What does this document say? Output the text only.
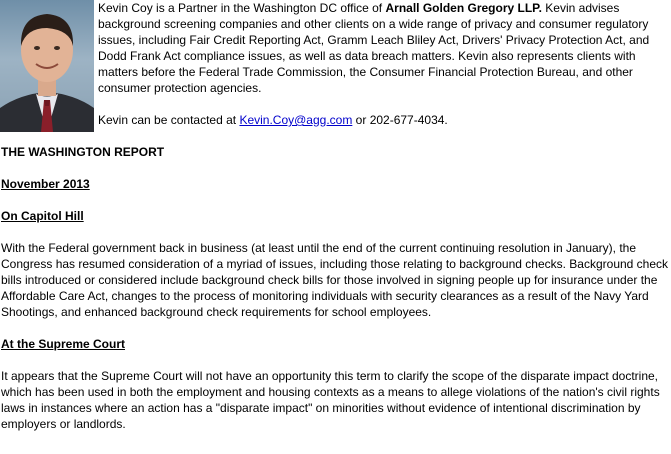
Kevin Coy is a Partner in the Washington DC office of Arnall Golden Gregory LLP. Kevin advises background screening companies and other clients on a wide range of privacy and consumer regulatory issues, including Fair Credit Reporting Act, Gramm Leach Bliley Act, Drivers' Privacy Protection Act, and Dodd Frank Act compliance issues, as well as data breach matters. Kevin also represents clients with matters before the Federal Trade Commission, the Consumer Financial Protection Bureau, and other consumer protection agencies.

Kevin can be contacted at Kevin.Coy@agg.com or 202-677-4034.

THE WASHINGTON REPORT
November 2013
On Capitol Hill
With the Federal government back in business (at least until the end of the current continuing resolution in January), the Congress has resumed consideration of a myriad of issues, including those relating to background checks. Background check bills introduced or considered include background check bills for those involved in signing people up for insurance under the Affordable Care Act, changes to the process of monitoring individuals with security clearances as a result of the Navy Yard Shootings, and enhanced background check requirements for school employees.
At the Supreme Court
It appears that the Supreme Court will not have an opportunity this term to clarify the scope of the disparate impact doctrine, which has been used in both the employment and housing contexts as a means to allege violations of the nation's civil rights laws in instances where an action has a "disparate impact" on minorities without evidence of intentional discrimination by employers or landlords.
